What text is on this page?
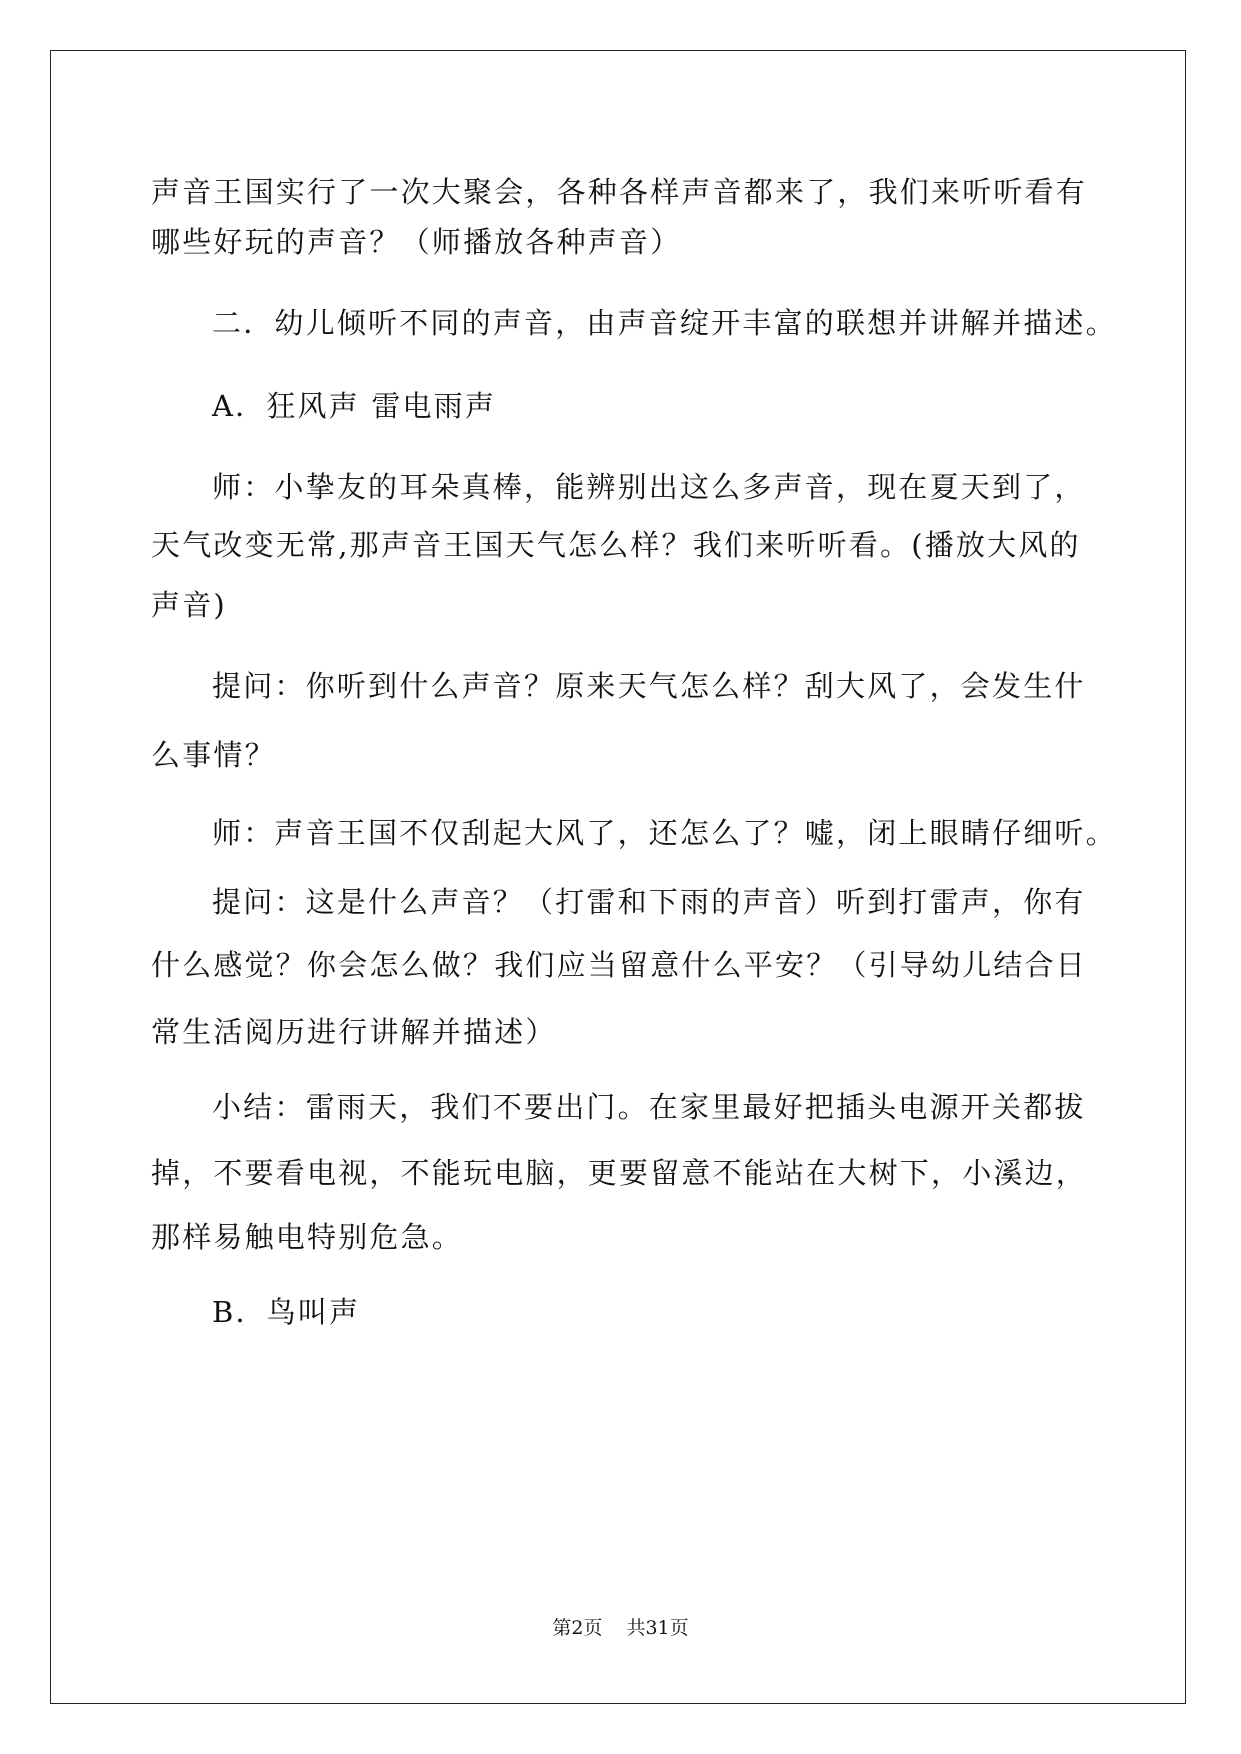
声音王国实行了一次大聚会，各种各样声音都来了，我们来听听看有
哪些好玩的声音？（师播放各种声音）
二．幼儿倾听不同的声音，由声音绽开丰富的联想并讲解并描述。
A．狂风声 雷电雨声
师：小挚友的耳朵真棒，能辨别出这么多声音，现在夏天到了，
天气改变无常,那声音王国天气怎么样？我们来听听看。(播放大风的
声音)
提问：你听到什么声音？原来天气怎么样？刮大风了，会发生什
么事情？
师：声音王国不仅刮起大风了，还怎么了？嘘，闭上眼睛仔细听。
提问：这是什么声音？（打雷和下雨的声音）听到打雷声，你有
什么感觉？你会怎么做？我们应当留意什么平安？（引导幼儿结合日
常生活阅历进行讲解并描述）
小结：雷雨天，我们不要出门。在家里最好把插头电源开关都拔
掉，不要看电视，不能玩电脑，更要留意不能站在大树下，小溪边，
那样易触电特别危急。
B．鸟叫声
第2页 共31页
